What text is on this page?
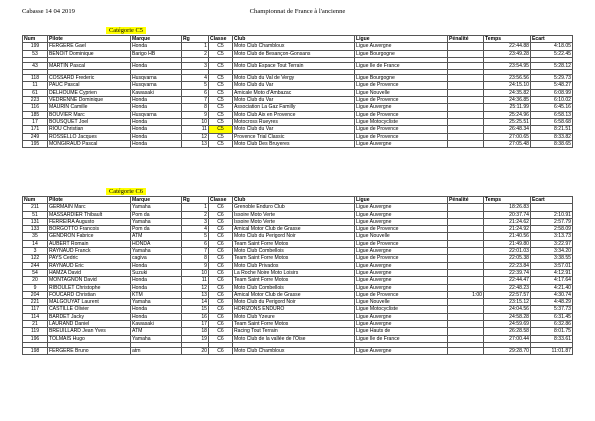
Cabasse 14 04 2019	Championnat de France à l'ancienne
Catégorie C5
Num	Pilote	Marque	Rg	Classe	Club	Ligue	Pénalité	Temps	Ecart
199	FERGERE Gael	Honda	1	C5	Moto Club Chambloux	Ligue Auvergne		22:44.88	4:18.05
53	BENOIT Dominique	Barigo HB	2	C5	Moto Club de Besançon-Gonsans	Ligue Bourgogne		23:49.28	5:22.45

43	MARTIN Pascal	Honda	3	C5	Moto Club Espace Tout Terrain	Ligue Ile de France		23:54.95	5:28.12

118	COSSARD Frederic	Husqvarna	4	C5	Moto Club du Val de Vergy	Ligue Bourgogne		23:56.56	5:29.73
11	PAUC Pascal	Husqvarna	5	C5	Moto Club du Var	Ligue de Provence		24:15.10	5:48.27
61	DELHOUME Cyprien	Kawasaki	6	C5	Amicale Moto d'Ambazac	Ligue Nouvelle		24:35.82	6:08.99
223	VEDRENNE Dominique	Honda	7	C5	Moto Club du Var	Ligue de Provence		24:36.85	6:10.02
116	MAURIN Camille	Honda	8	C5	Association La Gaz Familly	Ligue Auvergne		25:11.99	6:45.16
185	BOUVIER Marc	Husqvarna	9	C5	Moto Club Aix en Provence	Ligue de Provence		25:24.96	6:58.13
17	BOUSQUET Joel	Honda	10	C5	Motocross Rueyres	Ligue Motocycliste		25:25.51	6:58.68
171	RIOU Christian	Honda	11	C5	Moto Club du Var	Ligue de Provence		26:48.34	8:21.51
249	ROSSELLO Jacques	Honda	12	C5	Provence Trial Classic	Ligue de Provence		27:00.65	8:33.82
195	MONGIRAUD Pascal	Honda	13	C5	Moto Club Des Bruyeres	Ligue Auvergne		27:05.48	8:38.65
Catégorie C6
Num	Pilote	Marque	Rg	Classe	Club	Ligue	Pénalité	Temps	Ecart
211	GERMAIN Marc	Yamaha	1	C6	Grenoble Enduro Club	Ligue Auvergne		18:26.83	
51	MASSARDIER Thibault	Pom da	2	C6	Issoire Moto Verte	Ligue Auvergne		20:37.74	2:10.91
131	FERREIRA Augusto	Yamaha	3	C6	Issoire Moto Verte	Ligue Auvergne		21:24.62	2:57.79
133	BORGOTTO Francois	Pom da	4	C6	Amical Motor Club de Grasse	Ligue de Provence		21:24.92	2:58.09
35	GENDRON Fabrice	ATM	5	C6	Moto Club du Perigord Noir	Ligue Nouvelle		21:40.56	3:13.73
14	AUBERT Romain	HONDA	6	C6	Team Saint Forre Motos	Ligue de Provence		21:49.80	3:22.97
3	RAYNAUD Franck	Yamaha	7	C6	Moto Club Combellois	Ligue Auvergne		22:01.03	3:34.20
122	PAYS Cedric	cagiva	8	C6	Team Saint Forre Motos	Ligue de Provence		22:05.38	3:38.55
244	RAYNAUD Eric	Honda	9	C6	Moto Club Privados	Ligue Auvergne		22:23.84	3:57.01
54	HAMZA David	Suzuki	10	C6	La Roche Noire Moto Loisirs	Ligue Auvergne		22:39.74	4:12.91
20	MONTAGNON David	Honda	11	C6	Team Saint Forre Motos	Ligue Auvergne		22:44.47	4:17.64
9	RIBOULET Christophe	Honda	12	C6	Moto Club Combellois	Ligue Auvergne		22:48.23	4:21.40
204	FOUCARD Christian	KTM	13	C6	Amical Motor Club de Grasse	Ligue de Provence	1:00	22:57.57	4:30.74
221	MALGOUYAT Laurent	Yamaha	14	C6	Moto Club du Perigord Noir	Ligue Nouvelle		23:15.12	4:48.29
117	CASTILLE Olivier	Honda	15	C6	HORIZONS ENDURO	Ligue Motocycliste		24:04.56	5:37.73
114	BARDET Jacky	Honda	16	C6	Moto Club Yzeure	Ligue Auvergne		24:58.28	6:31.45
21	LAURAND Daniel	Kawasaki	17	C6	Team Saint Forre Motos	Ligue Auvergne		24:59.69	6:32.86
119	BREUILLARD Jean Yves	ATM	18	C6	Racing Tout Terrain	Ligue Hauts de		26:28.58	8:01.75
196	TOLMAIS Hugo	Yamaha	19	C6	Moto Club de la vallée de l'Oise	Ligue Ile de France		27:00.44	8:33.61

198	FERGERE Bruno	atm	20	C6	Moto Club Chambloux	Ligue Auvergne		29:28.70	11:01.87
